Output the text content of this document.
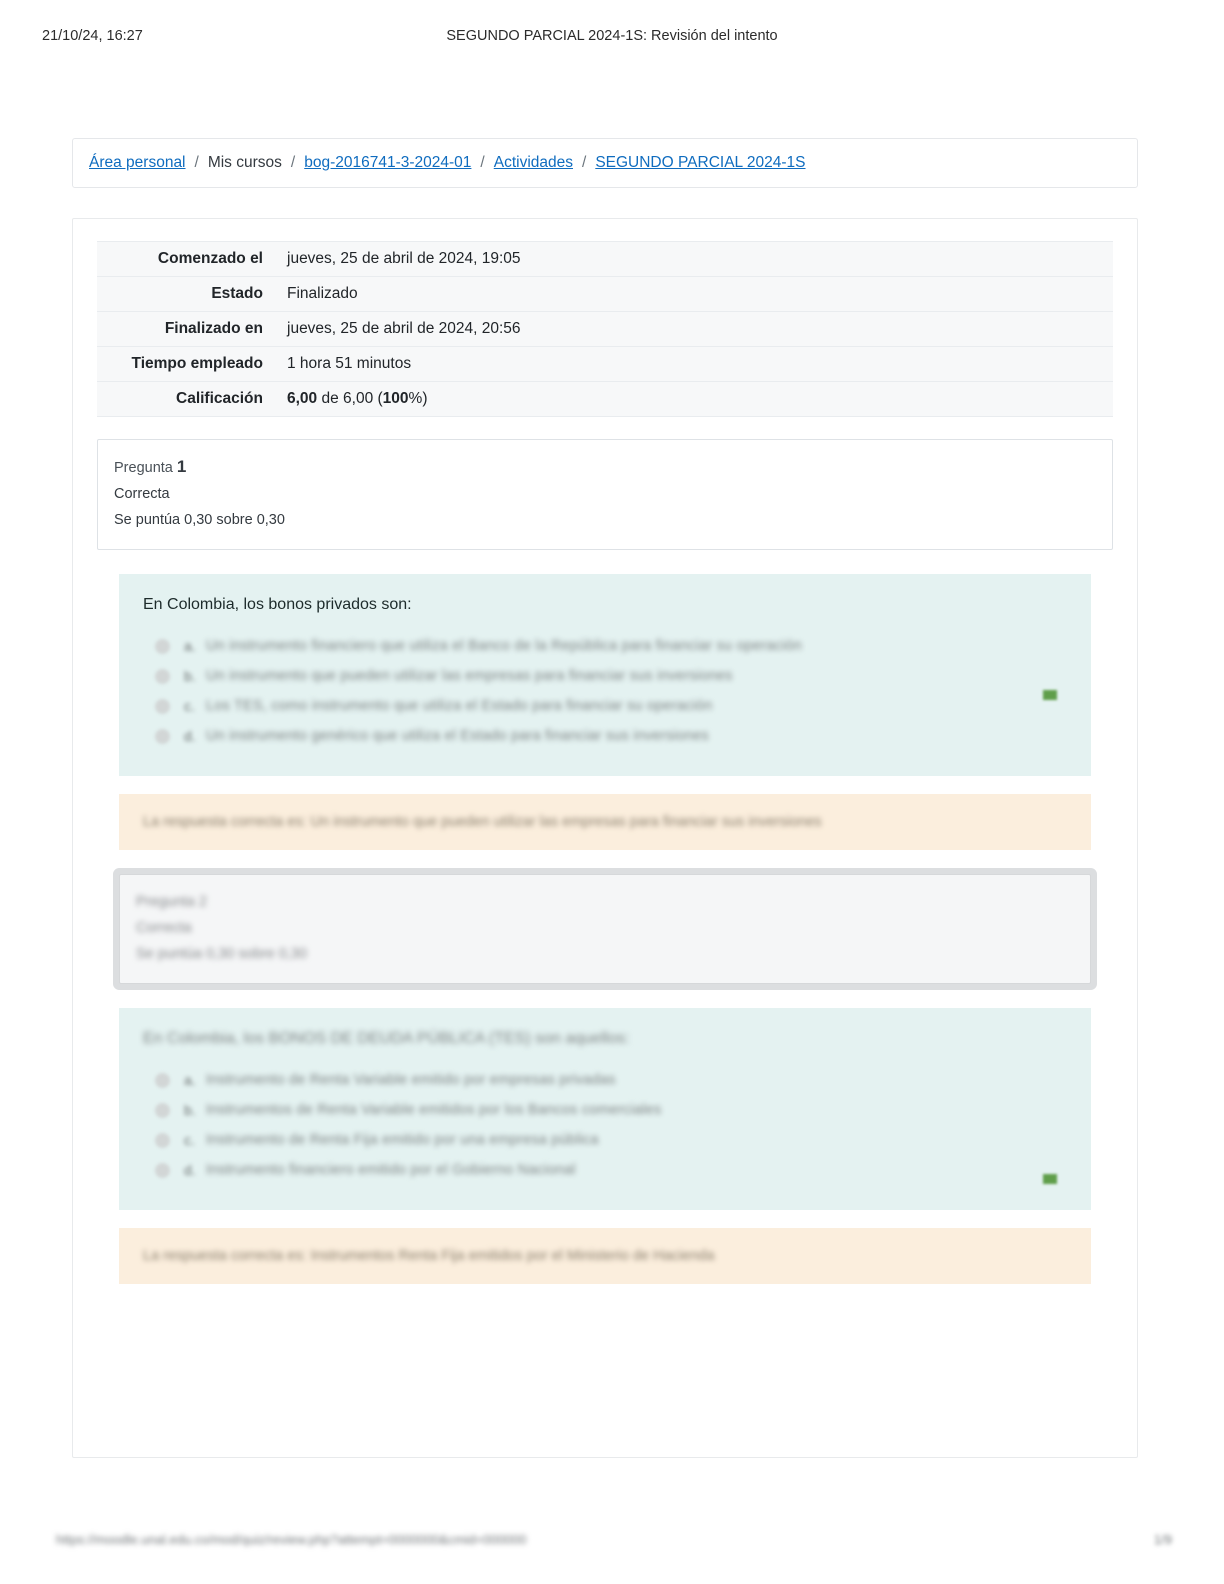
21/10/24, 16:27	SEGUNDO PARCIAL 2024-1S: Revisión del intento
Área personal / Mis cursos / bog-2016741-3-2024-01 / Actividades / SEGUNDO PARCIAL 2024-1S
Comenzado el	jueves, 25 de abril de 2024, 19:05
Estado	Finalizado
Finalizado en	jueves, 25 de abril de 2024, 20:56
Tiempo empleado	1 hora 51 minutos
Calificación	6,00 de 6,00 (100%)
Pregunta 1
Correcta
Se puntúa 0,30 sobre 0,30
En Colombia, los bonos privados son:
a. Un instrumento financiero que utiliza el Banco de la República para financiar su operación
b. Un instrumento que pueden utilizar las empresas para financiar sus inversiones
c. Los TES, como instrumento que utiliza el Estado para financiar su operación
d. Un instrumento genérico que utiliza el Estado para financiar sus inversiones
La respuesta correcta es: Un instrumento que pueden utilizar las empresas para financiar sus inversiones
Pregunta 2
Correcta
Se puntúa 0,30 sobre 0,30
En Colombia, los BONOS DE DEUDA PÚBLICA (TES) son aquellos:
a. Instrumento de Renta Variable emitido por empresas privadas
b. Instrumentos de Renta Variable emitidos por los Bancos comerciales
c. Instrumento de Renta Fija emitido por una empresa pública
d. Instrumento financiero emitido por el Gobierno Nacional
La respuesta correcta es: Instrumentos Renta Fija emitidos por el Ministerio de Hacienda
https://moodle.unal.edu.co/mod/quiz/review.php?attempt=0000000&cmid=000000	1/9
